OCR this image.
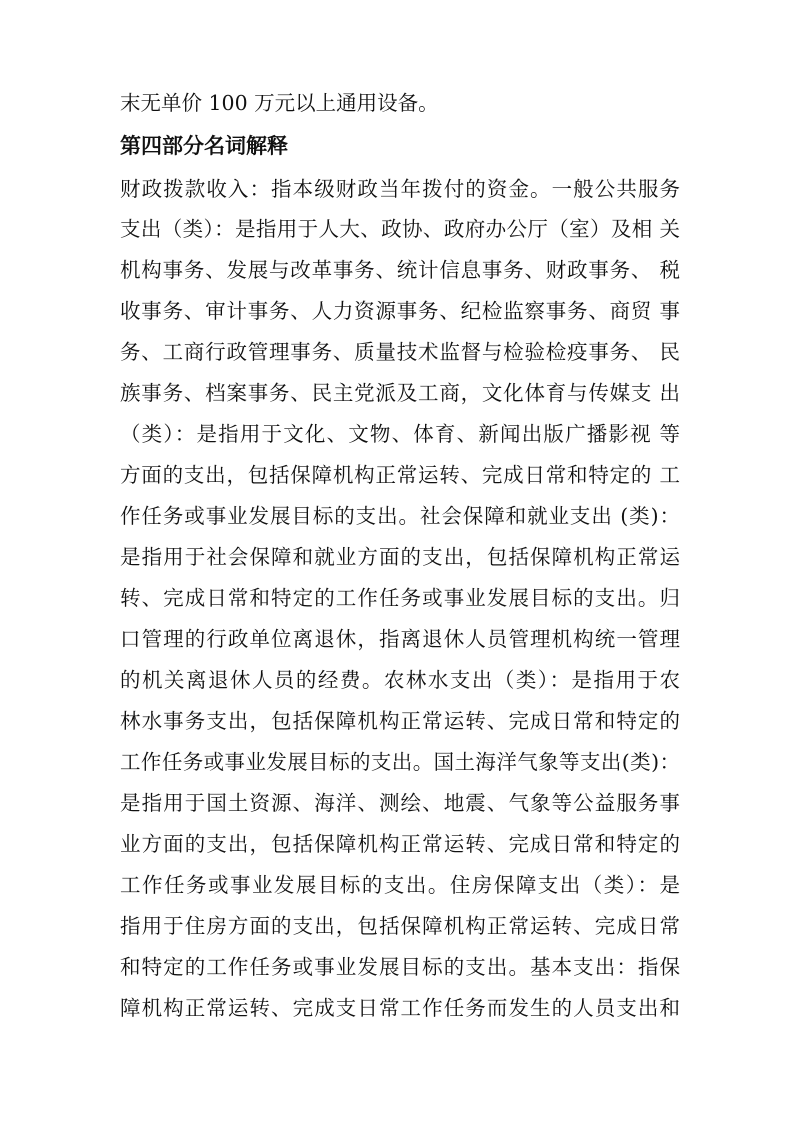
末无单价 100 万元以上通用设备。
第四部分名词解释
财政拨款收入：指本级财政当年拨付的资金。一般公共服务
支出（类）：是指用于人大、政协、政府办公厅（室）及相 关
机构事务、发展与改革事务、统计信息事务、财政事务、 税
收事务、审计事务、人力资源事务、纪检监察事务、商贸 事
务、工商行政管理事务、质量技术监督与检验检疫事务、 民
族事务、档案事务、民主党派及工商，文化体育与传媒支 出
（类）：是指用于文化、文物、体育、新闻出版广播影视 等
方面的支出，包括保障机构正常运转、完成日常和特定的 工
作任务或事业发展目标的支出。社会保障和就业支出 (类)：
是指用于社会保障和就业方面的支出，包括保障机构正常运
转、完成日常和特定的工作任务或事业发展目标的支出。归
口管理的行政单位离退休，指离退休人员管理机构统一管理
的机关离退休人员的经费。农林水支出（类）：是指用于农
林水事务支出，包括保障机构正常运转、完成日常和特定的
工作任务或事业发展目标的支出。国土海洋气象等支出(类)：
是指用于国土资源、海洋、测绘、地震、气象等公益服务事
业方面的支出，包括保障机构正常运转、完成日常和特定的
工作任务或事业发展目标的支出。住房保障支出（类）：是
指用于住房方面的支出，包括保障机构正常运转、完成日常
和特定的工作任务或事业发展目标的支出。基本支出：指保
障机构正常运转、完成支日常工作任务而发生的人员支出和
